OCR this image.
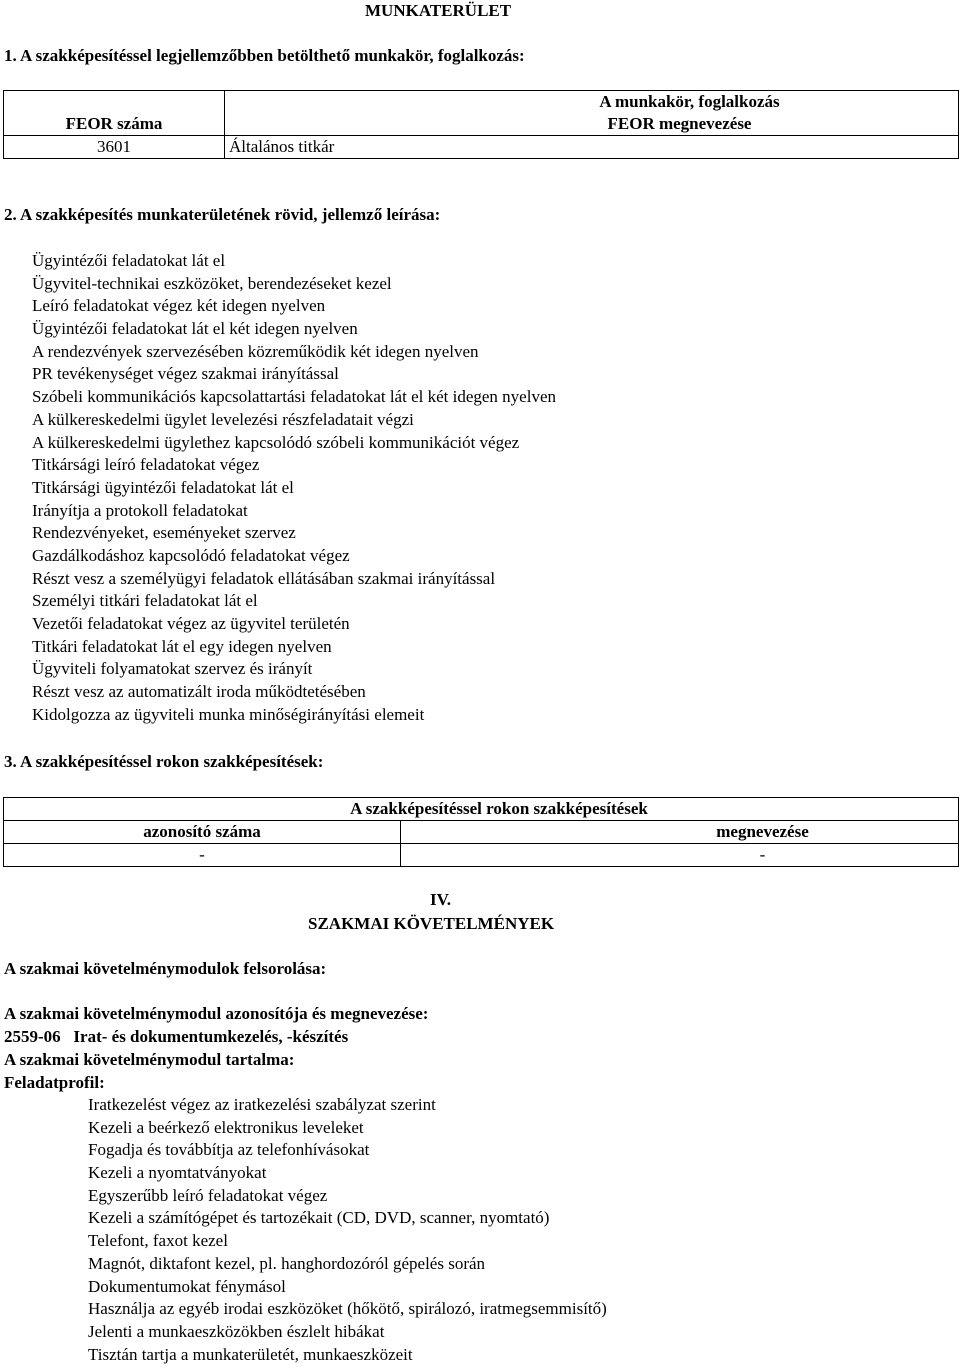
MUNKATERÜLET
1. A szakképesítéssel legjellemzőbben betölthető munkakör, foglalkozás:
	A munkakör, foglalkozás
FEOR száma	FEOR megnevezése
3601	Általános titkár
2. A szakképesítés munkaterületének rövid, jellemző leírása:
Ügyintézői feladatokat lát el
Ügyvitel-technikai eszközöket, berendezéseket kezel
Leíró feladatokat végez két idegen nyelven
Ügyintézői feladatokat lát el két idegen nyelven
A rendezvények szervezésében közreműködik két idegen nyelven
PR tevékenységet végez szakmai irányítással
Szóbeli kommunikációs kapcsolattartási feladatokat lát el két idegen nyelven
A külkereskedelmi ügylet levelezési részfeladatait végzi
A külkereskedelmi ügylethez kapcsolódó szóbeli kommunikációt végez
Titkársági leíró feladatokat végez
Titkársági ügyintézői feladatokat lát el
Irányítja a protokoll feladatokat
Rendezvényeket, eseményeket szervez
Gazdálkodáshoz kapcsolódó feladatokat végez
Részt vesz a személyügyi feladatok ellátásában szakmai irányítással
Személyi titkári feladatokat lát el
Vezetői feladatokat végez az ügyvitel területén
Titkári feladatokat lát el egy idegen nyelven
Ügyviteli folyamatokat szervez és irányít
Részt vesz az automatizált iroda működtetésében
Kidolgozza az ügyviteli munka minőségirányítási elemeit
3. A szakképesítéssel rokon szakképesítések:
A szakképesítéssel rokon szakképesítések	
azonosító száma	megnevezése
-	-
IV.
SZAKMAI KÖVETELMÉNYEK
A szakmai követelménymodulok felsorolása:
A szakmai követelménymodul azonosítója és megnevezése:
2559-06   Irat- és dokumentumkezelés, -készítés
A szakmai követelménymodul tartalma:
Feladatprofil:
Iratkezelést végez az iratkezelési szabályzat szerint
Kezeli a beérkező elektronikus leveleket
Fogadja és továbbítja az telefonhívásokat
Kezeli a nyomtatványokat
Egyszerűbb leíró feladatokat végez
Kezeli a számítógépet és tartozékait (CD, DVD, scanner, nyomtató)
Telefont, faxot kezel
Magnót, diktafont kezel, pl. hanghordozóról gépelés során
Dokumentumokat fénymásol
Használja az egyéb irodai eszközöket (hőkötő, spirálozó, iratmegsemmisítő)
Jelenti a munkaeszközökben észlelt hibákat
Tisztán tartja a munkaterületét, munkaeszközeit
